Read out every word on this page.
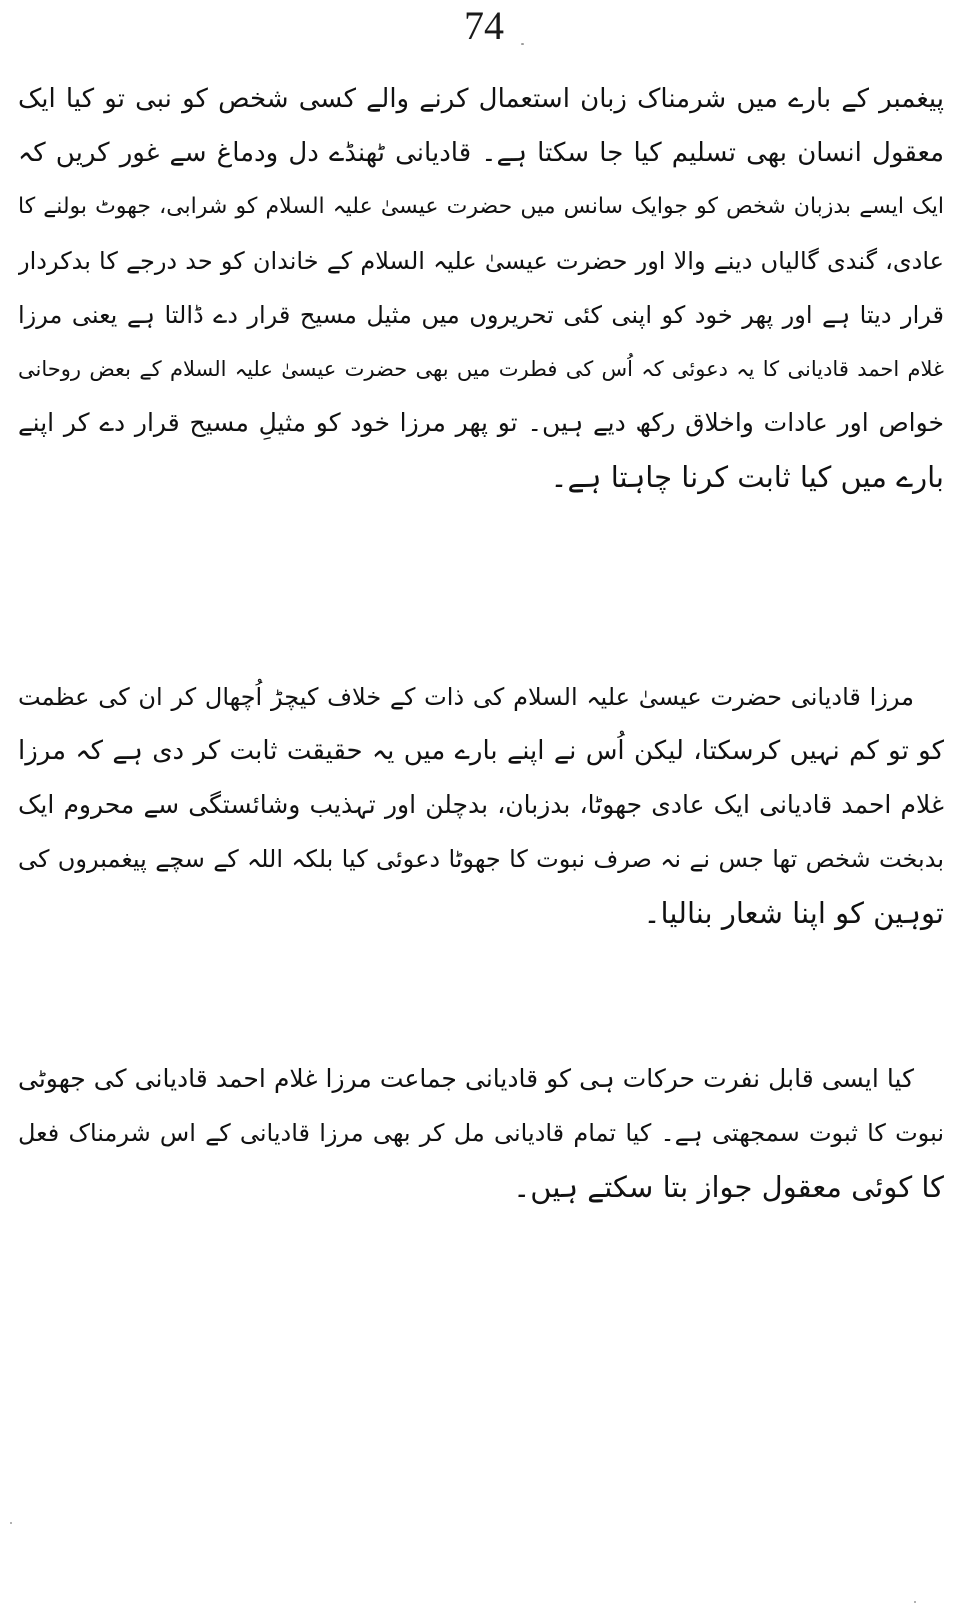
74
پیغمبر کے بارے میں شرمناک زبان استعمال کرنے والے کسی شخص کو نبی تو کیا ایک
معقول انسان بھی تسلیم کیا جا سکتا ہے۔ قادیانی ٹھنڈے دل ودماغ سے غور کریں کہ
ایک ایسے بدزبان شخص کو جوایک سانس میں حضرت عیسیٰ علیہ السلام کو شرابی، جھوٹ بولنے کا
عادی، گندی گالیاں دینے والا اور حضرت عیسیٰ علیہ السلام کے خاندان کو حد درجے کا بدکردار
قرار دیتا ہے اور پھر خود کو اپنی کئی تحریروں میں مثیل مسیح قرار دے ڈالتا ہے یعنی مرزا
غلام احمد قادیانی کا یہ دعوئی کہ اُس کی فطرت میں بھی حضرت عیسیٰ علیہ السلام کے بعض روحانی
خواص اور عادات واخلاق رکھ دیے ہیں۔ تو پھر مرزا خود کو مثیلِ مسیح قرار دے کر اپنے
بارے میں کیا ثابت کرنا چاہتا ہے۔
مرزا قادیانی حضرت عیسیٰ علیہ السلام کی ذات کے خلاف کیچڑ اُچھال کر ان کی عظمت
کو تو کم نہیں کرسکتا، لیکن اُس نے اپنے بارے میں یہ حقیقت ثابت کر دی ہے کہ مرزا
غلام احمد قادیانی ایک عادی جھوٹا، بدزبان، بدچلن اور تہذیب وشائستگی سے محروم ایک
بدبخت شخص تھا جس نے نہ صرف نبوت کا جھوٹا دعوئی کیا بلکہ اللہ کے سچے پیغمبروں کی
توہین کو اپنا شعار بنالیا۔
کیا ایسی قابل نفرت حرکات ہی کو قادیانی جماعت مرزا غلام احمد قادیانی کی جھوٹی
نبوت کا ثبوت سمجھتی ہے۔ کیا تمام قادیانی مل کر بھی مرزا قادیانی کے اس شرمناک فعل
کا کوئی معقول جواز بتا سکتے ہیں۔
